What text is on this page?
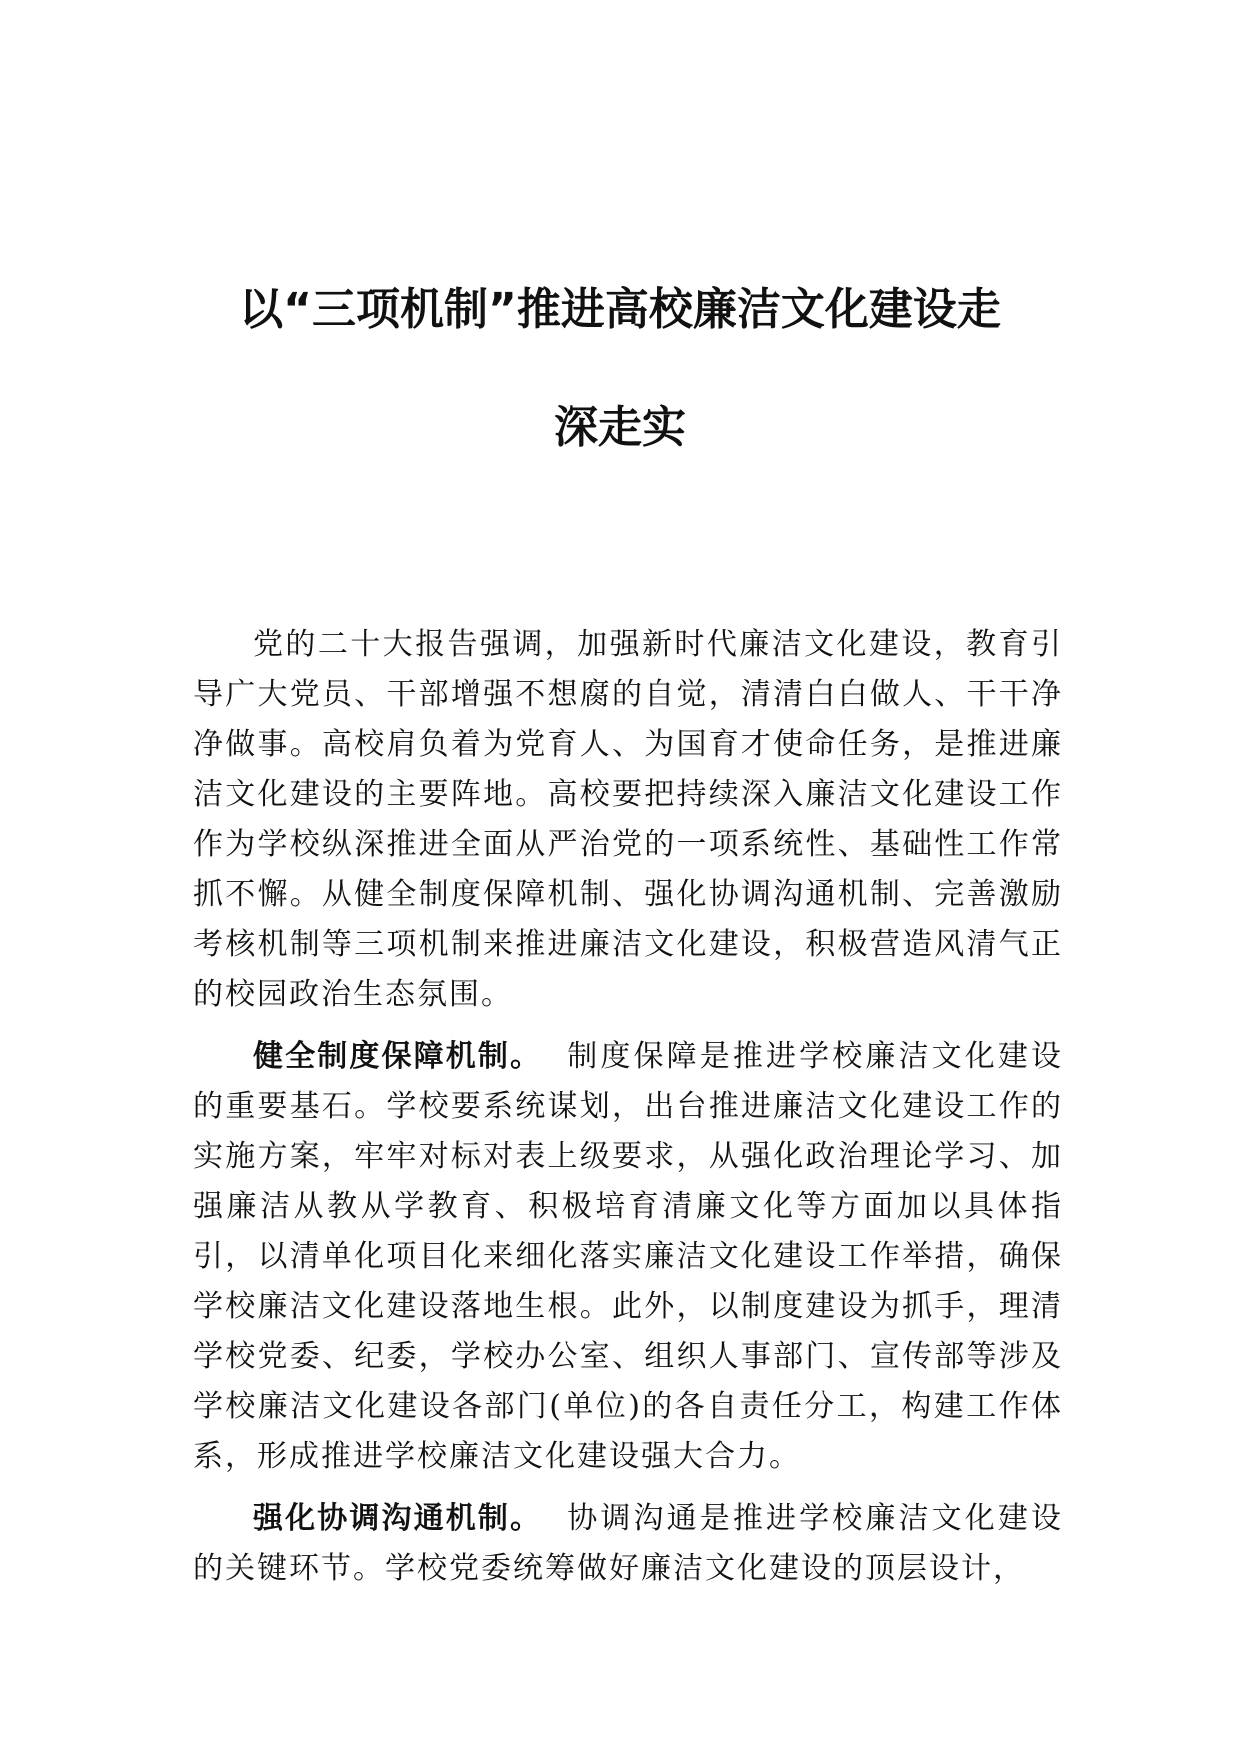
以“三项机制”推进高校廉洁文化建设走
深走实

党的二十大报告强调，加强新时代廉洁文化建设，教育引导广大党员、干部增强不想腐的自觉，清清白白做人、干干净净做事。高校肩负着为党育人、为国育才使命任务，是推进廉洁文化建设的主要阵地。高校要把持续深入廉洁文化建设工作作为学校纵深推进全面从严治党的一项系统性、基础性工作常抓不懈。从健全制度保障机制、强化协调沟通机制、完善激励考核机制等三项机制来推进廉洁文化建设，积极营造风清气正的校园政治生态氛围。

健全制度保障机制。 制度保障是推进学校廉洁文化建设的重要基石。学校要系统谋划，出台推进廉洁文化建设工作的实施方案，牢牢对标对表上级要求，从强化政治理论学习、加强廉洁从教从学教育、积极培育清廉文化等方面加以具体指引，以清单化项目化来细化落实廉洁文化建设工作举措，确保学校廉洁文化建设落地生根。此外，以制度建设为抓手，理清学校党委、纪委，学校办公室、组织人事部门、宣传部等涉及学校廉洁文化建设各部门(单位)的各自责任分工，构建工作体系，形成推进学校廉洁文化建设强大合力。

强化协调沟通机制。 协调沟通是推进学校廉洁文化建设的关键环节。学校党委统筹做好廉洁文化建设的顶层设计，
